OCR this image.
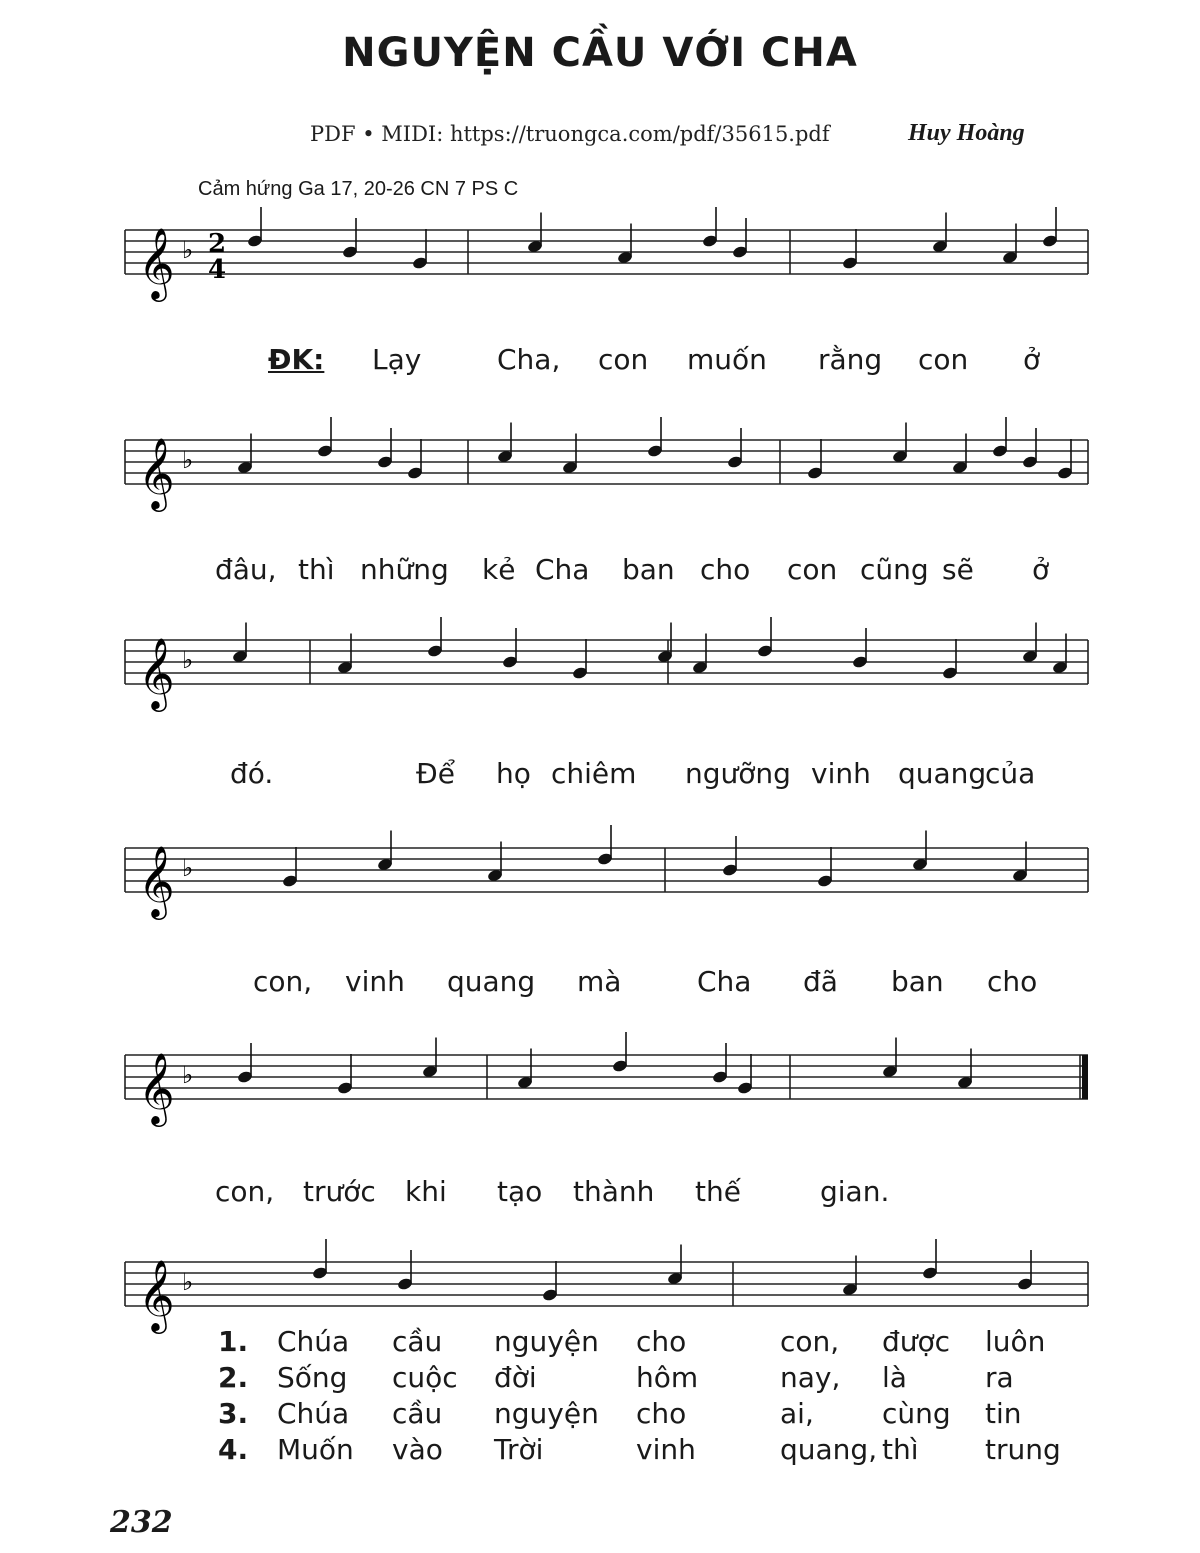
NGUYỆN CẦU VỚI CHA
PDF • MIDI: https://truongca.com/pdf/35615.pdf	Huy Hoàng
Cảm hứng Ga 17, 20-26 CN 7 PS C
𝄞 ♭
𝄞 ♭
𝄞 ♭
𝄞 ♭
𝄞 ♭
𝄞 ♭
2
4
ĐK: Lạy	Cha, con muốn rằng con ở
đâu, thì những kẻ Cha ban cho con cũng sẽ ở
đó.	Để họ chiêm ngưỡng vinh quang
của
con, vinh quang mà	Cha đã ban cho
con, trước khi tạo thành thế	gian.
1. Chúa cầu nguyện cho	con, được luôn
2. Sống cuộc đời	hôm	nay, là	ra
3. Chúa cầu nguyện cho	ai, cùng tin
4. Muốn vào Trời	vinh	quang, thì trung
232
